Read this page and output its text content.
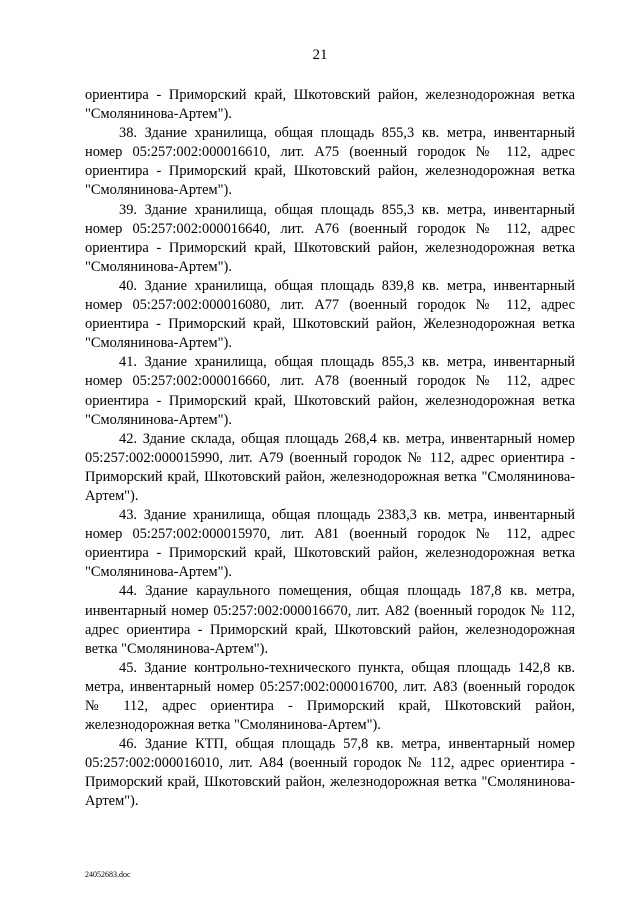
21

ориентира - Приморский край, Шкотовский район, железнодорожная ветка "Смолянинова-Артем").

38. Здание хранилища, общая площадь 855,3 кв. метра, инвентарный номер 05:257:002:000016610, лит. А75 (военный городок № 112, адрес ориентира - Приморский край, Шкотовский район, железнодорожная ветка "Смолянинова-Артем").

39. Здание хранилища, общая площадь 855,3 кв. метра, инвентарный номер 05:257:002:000016640, лит. А76 (военный городок № 112, адрес ориентира - Приморский край, Шкотовский район, железнодорожная ветка "Смолянинова-Артем").

40. Здание хранилища, общая площадь 839,8 кв. метра, инвентарный номер 05:257:002:000016080, лит. А77 (военный городок № 112, адрес ориентира - Приморский край, Шкотовский район, Железнодорожная ветка "Смолянинова-Артем").

41. Здание хранилища, общая площадь 855,3 кв. метра, инвентарный номер 05:257:002:000016660, лит. А78 (военный городок № 112, адрес ориентира - Приморский край, Шкотовский район, железнодорожная ветка "Смолянинова-Артем").

42. Здание склада, общая площадь 268,4 кв. метра, инвентарный номер 05:257:002:000015990, лит. А79 (военный городок № 112, адрес ориентира - Приморский край, Шкотовский район, железнодорожная ветка "Смолянинова-Артем").

43. Здание хранилища, общая площадь 2383,3 кв. метра, инвентарный номер 05:257:002:000015970, лит. А81 (военный городок № 112, адрес ориентира - Приморский край, Шкотовский район, железнодорожная ветка "Смолянинова-Артем").

44. Здание караульного помещения, общая площадь 187,8 кв. метра, инвентарный номер 05:257:002:000016670, лит. А82 (военный городок № 112, адрес ориентира - Приморский край, Шкотовский район, железнодорожная ветка "Смолянинова-Артем").

45. Здание контрольно-технического пункта, общая площадь 142,8 кв. метра, инвентарный номер 05:257:002:000016700, лит. А83 (военный городок № 112, адрес ориентира - Приморский край, Шкотовский район, железнодорожная ветка "Смолянинова-Артем").

46. Здание КТП, общая площадь 57,8 кв. метра, инвентарный номер 05:257:002:000016010, лит. А84 (военный городок № 112, адрес ориентира - Приморский край, Шкотовский район, железнодорожная ветка "Смолянинова-Артем").

24052683.doc
